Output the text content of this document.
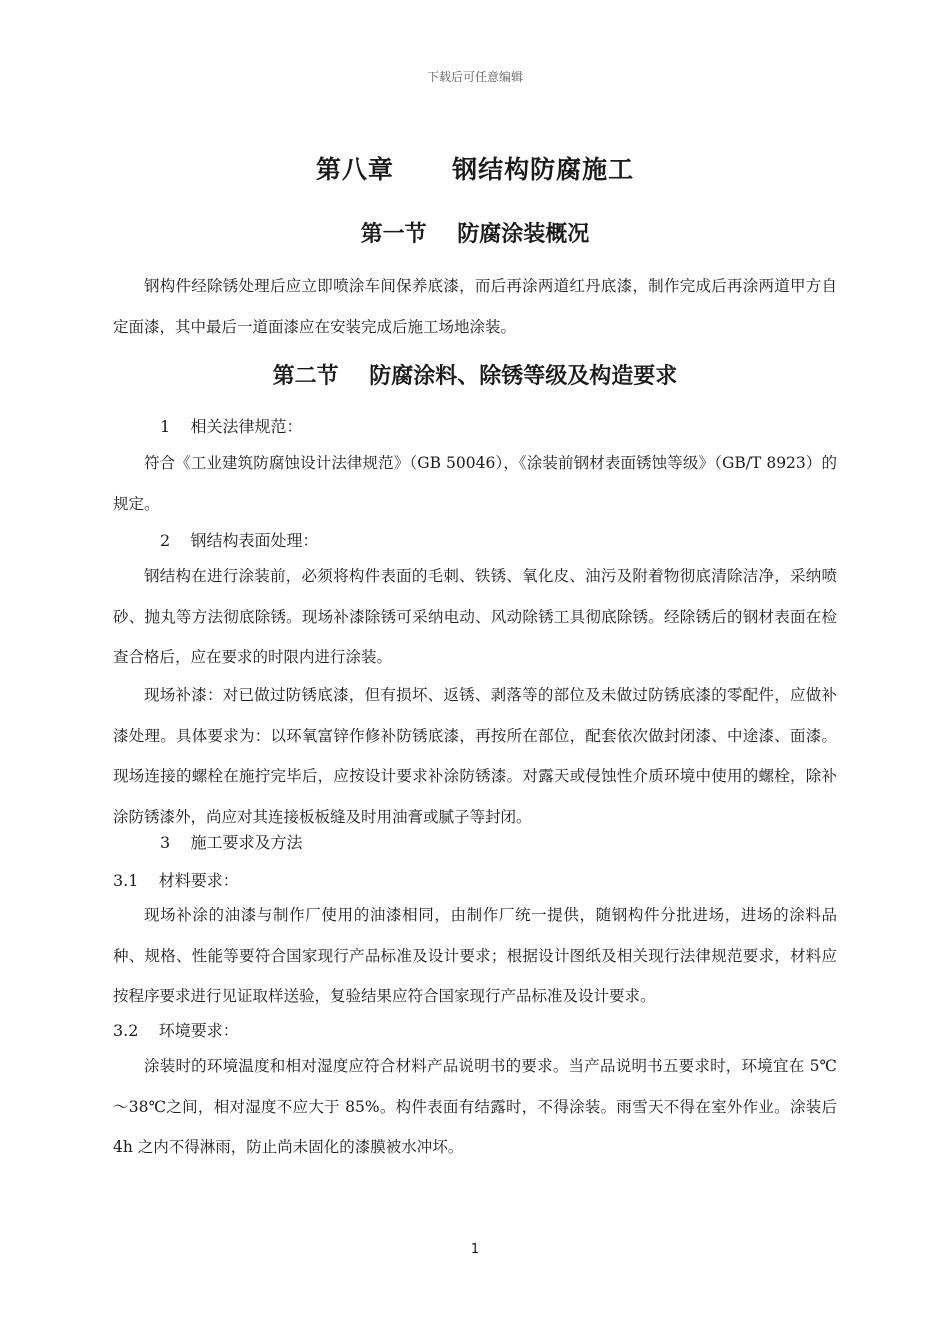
下载后可任意编辑
第八章      钢结构防腐施工
第一节    防腐涂装概况
钢构件经除锈处理后应立即喷涂车间保养底漆，而后再涂两道红丹底漆，制作完成后再涂两道甲方自定面漆，其中最后一道面漆应在安装完成后施工场地涂装。
第二节    防腐涂料、除锈等级及构造要求
1    相关法律规范：
符合《工业建筑防腐蚀设计法律规范》（GB 50046），《涂装前钢材表面锈蚀等级》（GB/T 8923）的规定。
2    钢结构表面处理：
钢结构在进行涂装前，必须将构件表面的毛刺、铁锈、氧化皮、油污及附着物彻底清除洁净，采纳喷砂、抛丸等方法彻底除锈。现场补漆除锈可采纳电动、风动除锈工具彻底除锈。经除锈后的钢材表面在检查合格后，应在要求的时限内进行涂装。
现场补漆：对已做过防锈底漆，但有损坏、返锈、剥落等的部位及未做过防锈底漆的零配件，应做补漆处理。具体要求为：以环氧富锌作修补防锈底漆，再按所在部位，配套依次做封闭漆、中途漆、面漆。现场连接的螺栓在施拧完毕后，应按设计要求补涂防锈漆。对露天或侵蚀性介质环境中使用的螺栓，除补涂防锈漆外，尚应对其连接板板缝及时用油膏或腻子等封闭。
3    施工要求及方法
3.1    材料要求：
现场补涂的油漆与制作厂使用的油漆相同，由制作厂统一提供，随钢构件分批进场，进场的涂料品种、规格、性能等要符合国家现行产品标准及设计要求；根据设计图纸及相关现行法律规范要求，材料应按程序要求进行见证取样送验，复验结果应符合国家现行产品标准及设计要求。
3.2    环境要求：
涂装时的环境温度和相对湿度应符合材料产品说明书的要求。当产品说明书五要求时，环境宜在 5℃～38℃之间，相对湿度不应大于 85%。构件表面有结露时，不得涂装。雨雪天不得在室外作业。涂装后 4h 之内不得淋雨，防止尚未固化的漆膜被水冲坏。
1
